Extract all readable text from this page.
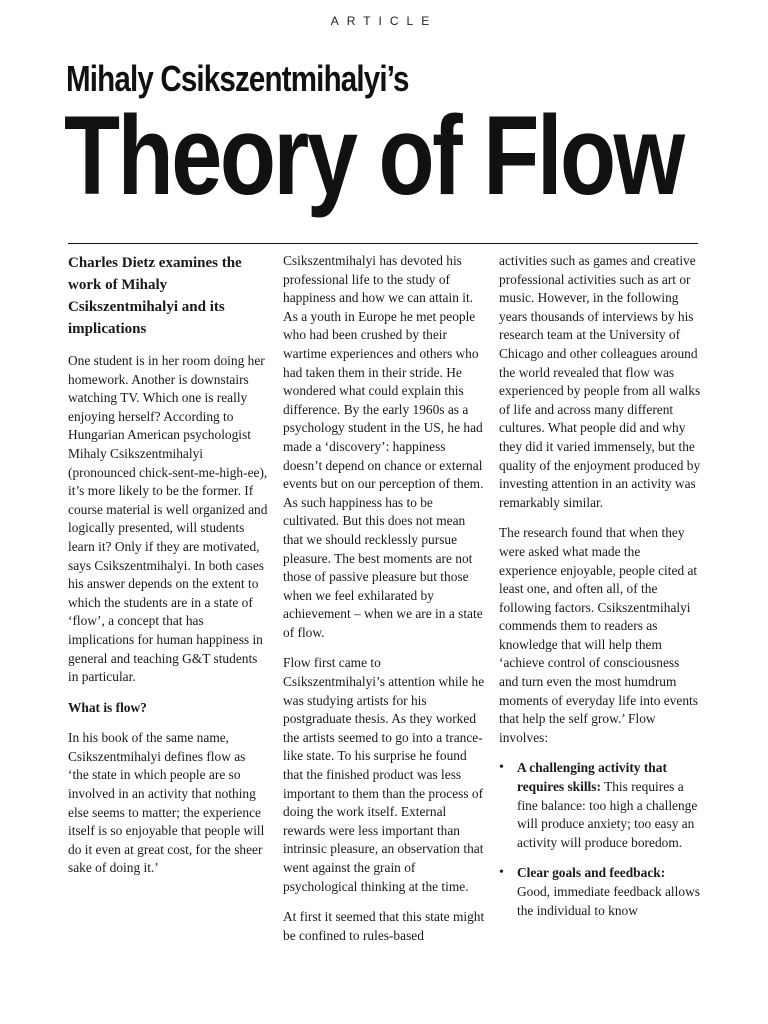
ARTICLE
Mihaly Csikszentmihalyi’s
Theory of Flow

Charles Dietz examines the work of Mihaly Csikszentmihalyi and its implications

One student is in her room doing her homework. Another is downstairs watching TV. Which one is really enjoying herself? According to Hungarian American psychologist Mihaly Csikszentmihalyi (pronounced chick-sent-me-high-ee), it’s more likely to be the former. If course material is well organized and logically presented, will students learn it? Only if they are motivated, says Csikszentmihalyi. In both cases his answer depends on the extent to which the students are in a state of ‘flow’, a concept that has implications for human happiness in general and teaching G&T students in particular.

What is flow?

In his book of the same name, Csikszentmihalyi defines flow as ‘the state in which people are so involved in an activity that nothing else seems to matter; the experience itself is so enjoyable that people will do it even at great cost, for the sheer sake of doing it.’

Csikszentmihalyi has devoted his professional life to the study of happiness and how we can attain it. As a youth in Europe he met people who had been crushed by their wartime experiences and others who had taken them in their stride. He wondered what could explain this difference. By the early 1960s as a psychology student in the US, he had made a ‘discovery’: happiness doesn’t depend on chance or external events but on our perception of them. As such happiness has to be cultivated. But this does not mean that we should recklessly pursue pleasure. The best moments are not those of passive pleasure but those when we feel exhilarated by achievement – when we are in a state of flow.

Flow first came to Csikszentmihalyi’s attention while he was studying artists for his postgraduate thesis. As they worked the artists seemed to go into a trance-like state. To his surprise he found that the finished product was less important to them than the process of doing the work itself. External rewards were less important than intrinsic pleasure, an observation that went against the grain of psychological thinking at the time.

At first it seemed that this state might be confined to rules-based

activities such as games and creative professional activities such as art or music. However, in the following years thousands of interviews by his research team at the University of Chicago and other colleagues around the world revealed that flow was experienced by people from all walks of life and across many different cultures. What people did and why they did it varied immensely, but the quality of the enjoyment produced by investing attention in an activity was remarkably similar.

The research found that when they were asked what made the experience enjoyable, people cited at least one, and often all, of the following factors. Csikszentmihalyi commends them to readers as knowledge that will help them ‘achieve control of consciousness and turn even the most humdrum moments of everyday life into events that help the self grow.’ Flow involves:

• A challenging activity that requires skills: This requires a fine balance: too high a challenge will produce anxiety; too easy an activity will produce boredom.
• Clear goals and feedback: Good, immediate feedback allows the individual to know
